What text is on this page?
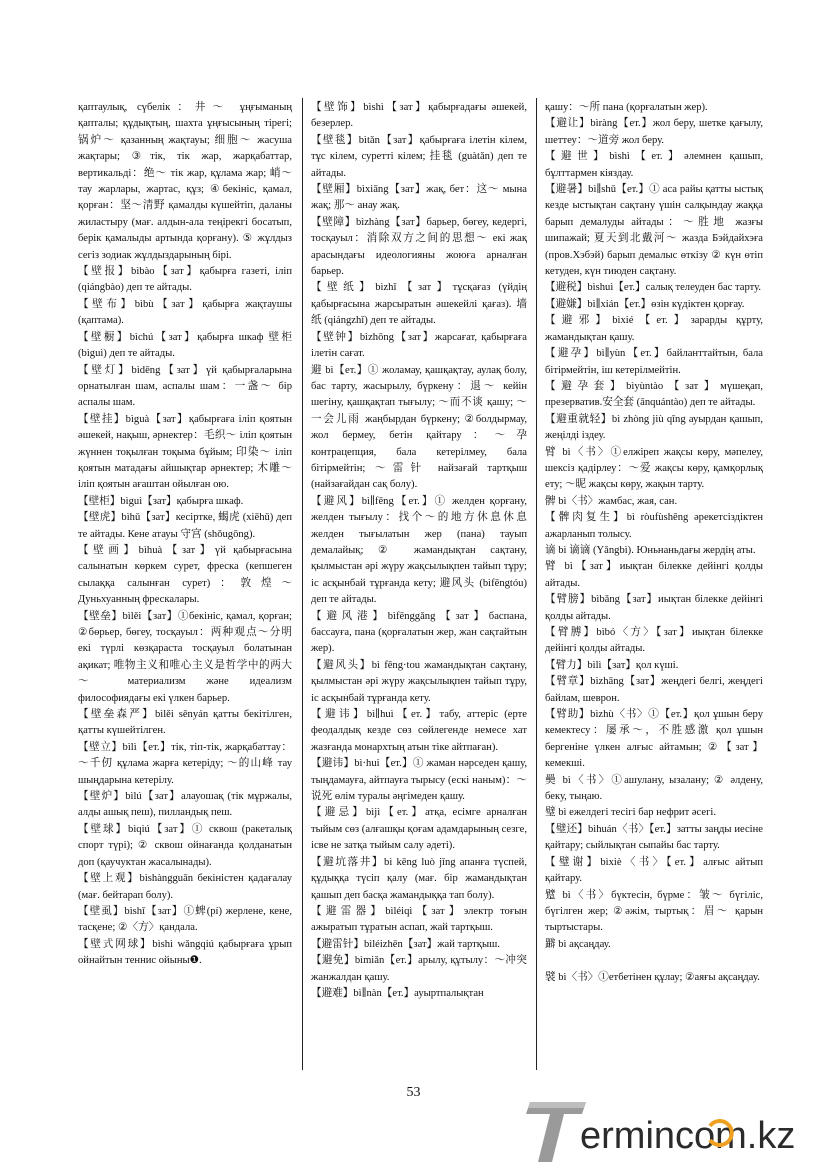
қаптаулық, сүбелік：井～ ұңғыманың қапталы; құдықтың, шахта ұңғысының тірегі; 锅炉～ қазанның жақтауы; 细胞～ жасуша жақтары; ③тік, тік жар, жарқабаттар, вертикальді：绝～ тік жар, құлама жар; 峭～ тау жарлары, жартас, құз; ④бекініс, қамал, қорған：坚～清野 қамалды күшейтіп, даланы жиластыру (мағ. алдын-ала теңірекгі босатып, берік қамалыды артында қорғану). ⑤ жұлдыз сегіз зодиак жұлдыздарының бірі.

【壁报】bìbào【зат】қабырға газеті, іліп (qiángbào) деп те айтады.

【壁布】bìbù【зат】қабырға жақтаушы (қаптама).

【壁橱】bìchú【зат】қабырға шкаф 壁柜 (bìguì) деп те айтады.

【壁灯】bìdēng【зат】үй қабырғаларына орнатылған шам, аспалы шам：一盏～ бір аспалы шам.

【壁挂】bìguà【зат】қабырғаға іліп қоятын әшекей, нақыш, әрнектер：毛织～ іліп қоятын жүннен тоқылған тоқыма бұйым; 印染～ іліп қоятын матадағы айшықтар әрнектер; 木雕～ іліп қоятын ағаштан ойылған ою.

【壁柜】bìguì【зат】қабырға шкаф.

【壁虎】bìhǔ【зат】кесіртке, 蝎虎 (xiēhǔ) деп те айтады. Кене атауы 守宫 (shǒugōng).

【壁画】bìhuà【зат】үй қабырғасына салынатын көркем сурет, фреска (кепшеген сылаққа салынған сурет)：敦煌～ Дуньхуанның фрескалары.

【壁垒】bìlěi【зат】①бекініс, қамал, қорған; ②бөрьер, бөгеу, тосқауыл：两种观点～分明 екі түрлі көзқараста тосқауыл болатынан ақикат; 唯物主义和唯心主义是哲学中的两大～ материализм және идеализм философиядағы екі үлкен барьер.

【壁垒森严】bìlěi sēnyán қатты бекітілген, қатты күшейтілген.

【壁立】bìlì【ет.】тік, тіп-тік, жарқабаттау：～千仞 құлама жарға кетеріду; ～的山峰 тау шыңдарына кетерілу.

【壁炉】bìlú【зат】алауошақ (тік мұржалы, алды ашық пеш), пилландық пеш.

【壁球】bìqiú【зат】① сквош (ракеталық спорт түрі); ② сквош ойнағанда қолданатын доп (қаучуктан жасалынады).

【壁上观】bìshàngguān бекіністен қадағалау (мағ. бейтарап болу).

【壁虱】bìshī【зат】①蜱(pí) жерлене, кене, тасқене; ②〈方〉қандала.

【壁式网球】bìshì wǎngqiú қабырғаға ұрып ойнайтын теннис ойыны❶.

【壁饰】bìshì【зат】қабырғадағы әшекей, безерлер.

【壁毯】bìtǎn【зат】қабырғаға ілетін кілем, тұс кілем, суретті кілем; 挂毯 (guàtǎn) деп те айтады.

【壁厢】bìxiāng【зат】жақ, бет：这～ мына жақ; 那～ анау жақ.

【壁障】bìzhàng【зат】барьер, бөгеу, кедергі, тосқауыл：消除双方之间的思想～ екі жақ арасындағы идеологияны жоюға арналған барьер.

【壁纸】bìzhǐ【зат】тұсқағаз (үйдің қабырғасына жарсыратын әшекейлі қағаз). 墙纸 (qiángzhǐ) деп те айтады.

【壁钟】bìzhōng【зат】жарсағат, қабырғаға ілетін сағат.

避 bì【ет.】① жоламау, қашқақтау, аулақ болу, бас тарту, жасырылу, бүркену：退～ кейін шегіну, қашқақтап тығылу; ～而不谈 қашу; ～一会儿雨 жаңбырдан бүркену; ②болдырмау, жол бермеу, бетін қайтару：～孕 контрацепция, бала кетерілмеу, бала бітірмейтін; ～雷针 найзағай тартқыш (найзағайдан сақ болу).

【避风】bì∥fēng【ет.】① желден қорғану, желден тығылу：找个～的地方休息休息 желден тығылатын жер (пана) тауып демалайық; ② жамандықтан сақтану, қылмыстан әрі жүру жақсылықпен тайып тұру; іс асқынбай тұрғанда кету; 避风头 (bìfēngtóu) деп те айтады.

【避风港】bìfēnggǎng【зат】баспана, бассауға, пана (қорғалатын жер, жан сақтайтын жер).

【避风头】bì fēng·tou жамандықтан сақтану, қылмыстан әрі жүру жақсылықпен тайып тұру, іс асқынбай тұрғанда кету.

【避讳】bì∥huì【ет.】табу, аттеріс (ерте феодалдық кезде сөз сөйлегенде немесе хат жазғанда монархтың атын тіке айтпаған).

【避讳】bì·hui【ет.】① жаман нәрседен қашу, тыңдамауға, айтпауға тырысу (ескі наным)：～说死 өлім туралы әңгімеден қашу.

【避忌】bìjì【ет.】атқа, есімге арналған тыйым сөз (алғашқы қоғам адамдарының сезге, ісве не затқа тыйым салу әдеті).

【避坑落井】bì kēng luò jǐng апанға түспей, құдыққа түсіп қалу (мағ. бір жамандықтан қашып деп басқа жамандыққа тап болу).

【避雷器】bìléiqì【зат】электр тоғын ажыратып тұратын аспап, жай тартқыш.

【避雷针】bìléizhēn【зат】жай тартқыш.

【避免】bìmiǎn【ет.】арылу, құтылу：～冲突 жанжалдан қашу.

【避难】bì∥nàn【ет.】ауыртпалықтан

қашу：～所 пана (қорғалатын жер).

【避让】bìràng【ет.】жол беру, шетке қағылу, шеттеу：～道旁 жол беру.

【避世】bìshì【ет.】әлемнен қашып, бұлттармен кіяздау.

【避暑】bì∥shǔ【ет.】① аса райы қатты ыстық кезде ыстықтан сақтану үшін салқындау жаққа барып демалуды айтады：～胜地 жазғы шипажай; 夏天到北戴河～ жазда Бэйдайхэға (пров.Хэбэй) барып демалыс өткізу ② күн өтіп кетуден, күн тиюден сақтану.

【避税】bìshuì【ет.】салық телеуден бас тарту.

【避嫌】bì∥xián【ет.】өзін күдіктен қорғау.

【避邪】bìxié【ет.】зарарды құрту, жамандықтан қашу.

【避孕】bì∥yùn【ет.】байланттайтын, бала бітірмейтін, іш кетерілмейтін.

【避孕套】bìyùntào【зат】мүшеқап, презерватив.安全套 (ānquántào) деп те айтады.

【避重就轻】bì zhòng jiù qīng ауырдан қашып, жеңілді іздеу.

臂 bì〈书〉①елжіреп жақсы көру, мәпелеу, шексіз қадірлеу：～爱 жақсы көру, қамқорлық ету; ～昵 жақсы көру, жақын тарту.

髀 bì〈书〉жамбас, жая, сан.

【髀肉复生】bì ròufùshēng әрекетсіздіктен ажарланып толысу.

谪 bì 谪谪 (Yǎngbì). Юньнаньдағы жердің аты.

臂 bì【зат】иықтан білекке дейінгі қолды айтады.

【臂膀】bìbǎng【зат】иықтан білекке дейінгі қолды айтады.

【臂膊】bìbó〈方〉【зат】иықтан білекке дейінгі қолды айтады.

【臂力】bìlì【зат】қол күші.

【臂章】bìzhāng【зат】жеңдегі белгі, жеңдегі байлам, шеврон.

【臂助】bìzhù〈书〉①【ет.】қол ұшын беру кемектесу：屡承～，不胜感激 қол ұшын бергеніне үлкен алғыс айтамын; ②【зат】кемекші.

奰 bì〈书〉①ашулану, ызалану; ② әлдену, беку, тыңаю.

璧 bì ежелдегі тесігі бар нефрит әсегі.

【璧还】bìhuán〈书〉【ет.】затты заңды иесіне қайтару; сыйлықтан сыпайы бас тарту.

【璧谢】bìxiè〈书〉【ет.】алғыс айтып қайтару.

躄 bì〈书〉бүктесін, бүрме：皱～ бүгіліс, бүгілген жер; ②әжім, тыртық：眉～ қарын тыртыстары.

躃 bì ақсаңдау.

襞 bì〈书〉①етбетінен құлау; ②аяғы ақсаңдау.

53
ermincom.kz
